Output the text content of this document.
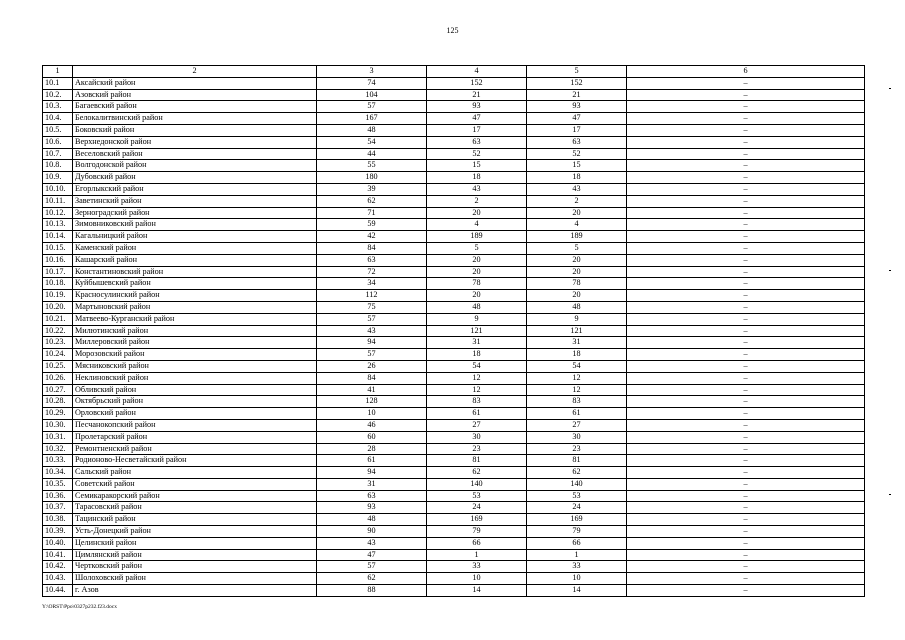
125
1	2	3	4	5	6
10.1	Аксайский район	74	152	152	–
10.2.	Азовский район	104	21	21	–
10.3.	Багаевский район	57	93	93	–
10.4.	Белокалитвинский район	167	47	47	–
10.5.	Боковский район	48	17	17	–
10.6.	Верхнедонской район	54	63	63	–
10.7.	Веселовский район	44	52	52	–
10.8.	Волгодонской район	55	15	15	–
10.9.	Дубовский район	180	18	18	–
10.10.	Егорлыкский район	39	43	43	–
10.11.	Заветинский район	62	2	2	–
10.12.	Зерноградский район	71	20	20	–
10.13.	Зимовниковский район	59	4	4	–
10.14.	Кагальницкий район	42	189	189	–
10.15.	Каменский район	84	5	5	–
10.16.	Кашарский район	63	20	20	–
10.17.	Константиновский район	72	20	20	–
10.18.	Куйбышевский район	34	78	78	–
10.19.	Красносулинский район	112	20	20	–
10.20.	Мартыновский район	75	48	48	–
10.21.	Матвеево-Курганский район	57	9	9	–
10.22.	Милютинский район	43	121	121	–
10.23.	Миллеровский район	94	31	31	–
10.24.	Морозовский район	57	18	18	–
10.25.	Мясниковский район	26	54	54	–
10.26.	Неклиновский район	84	12	12	–
10.27.	Обливский район	41	12	12	–
10.28.	Октябрьский район	128	83	83	–
10.29.	Орловский район	10	61	61	–
10.30.	Песчанокопский район	46	27	27	–
10.31.	Пролетарский район	60	30	30	–
10.32.	Ремонтненский район	28	23	23	–
10.33.	Родионово-Несветайский район	61	81	81	–
10.34.	Сальский район	94	62	62	–
10.35.	Советский район	31	140	140	–
10.36.	Семикаракорский район	63	53	53	–
10.37.	Тарасовский район	93	24	24	–
10.38.	Тацинский район	48	169	169	–
10.39.	Усть-Донецкий район	90	79	79	–
10.40.	Целинский район	43	66	66	–
10.41.	Цимлянский район	47	1	1	–
10.42.	Чертковский район	57	33	33	–
10.43.	Шолоховский район	62	10	10	–
10.44.	г. Азов	88	14	14	–
Y:\ORST\Ppo\0327p232.f23.docx
